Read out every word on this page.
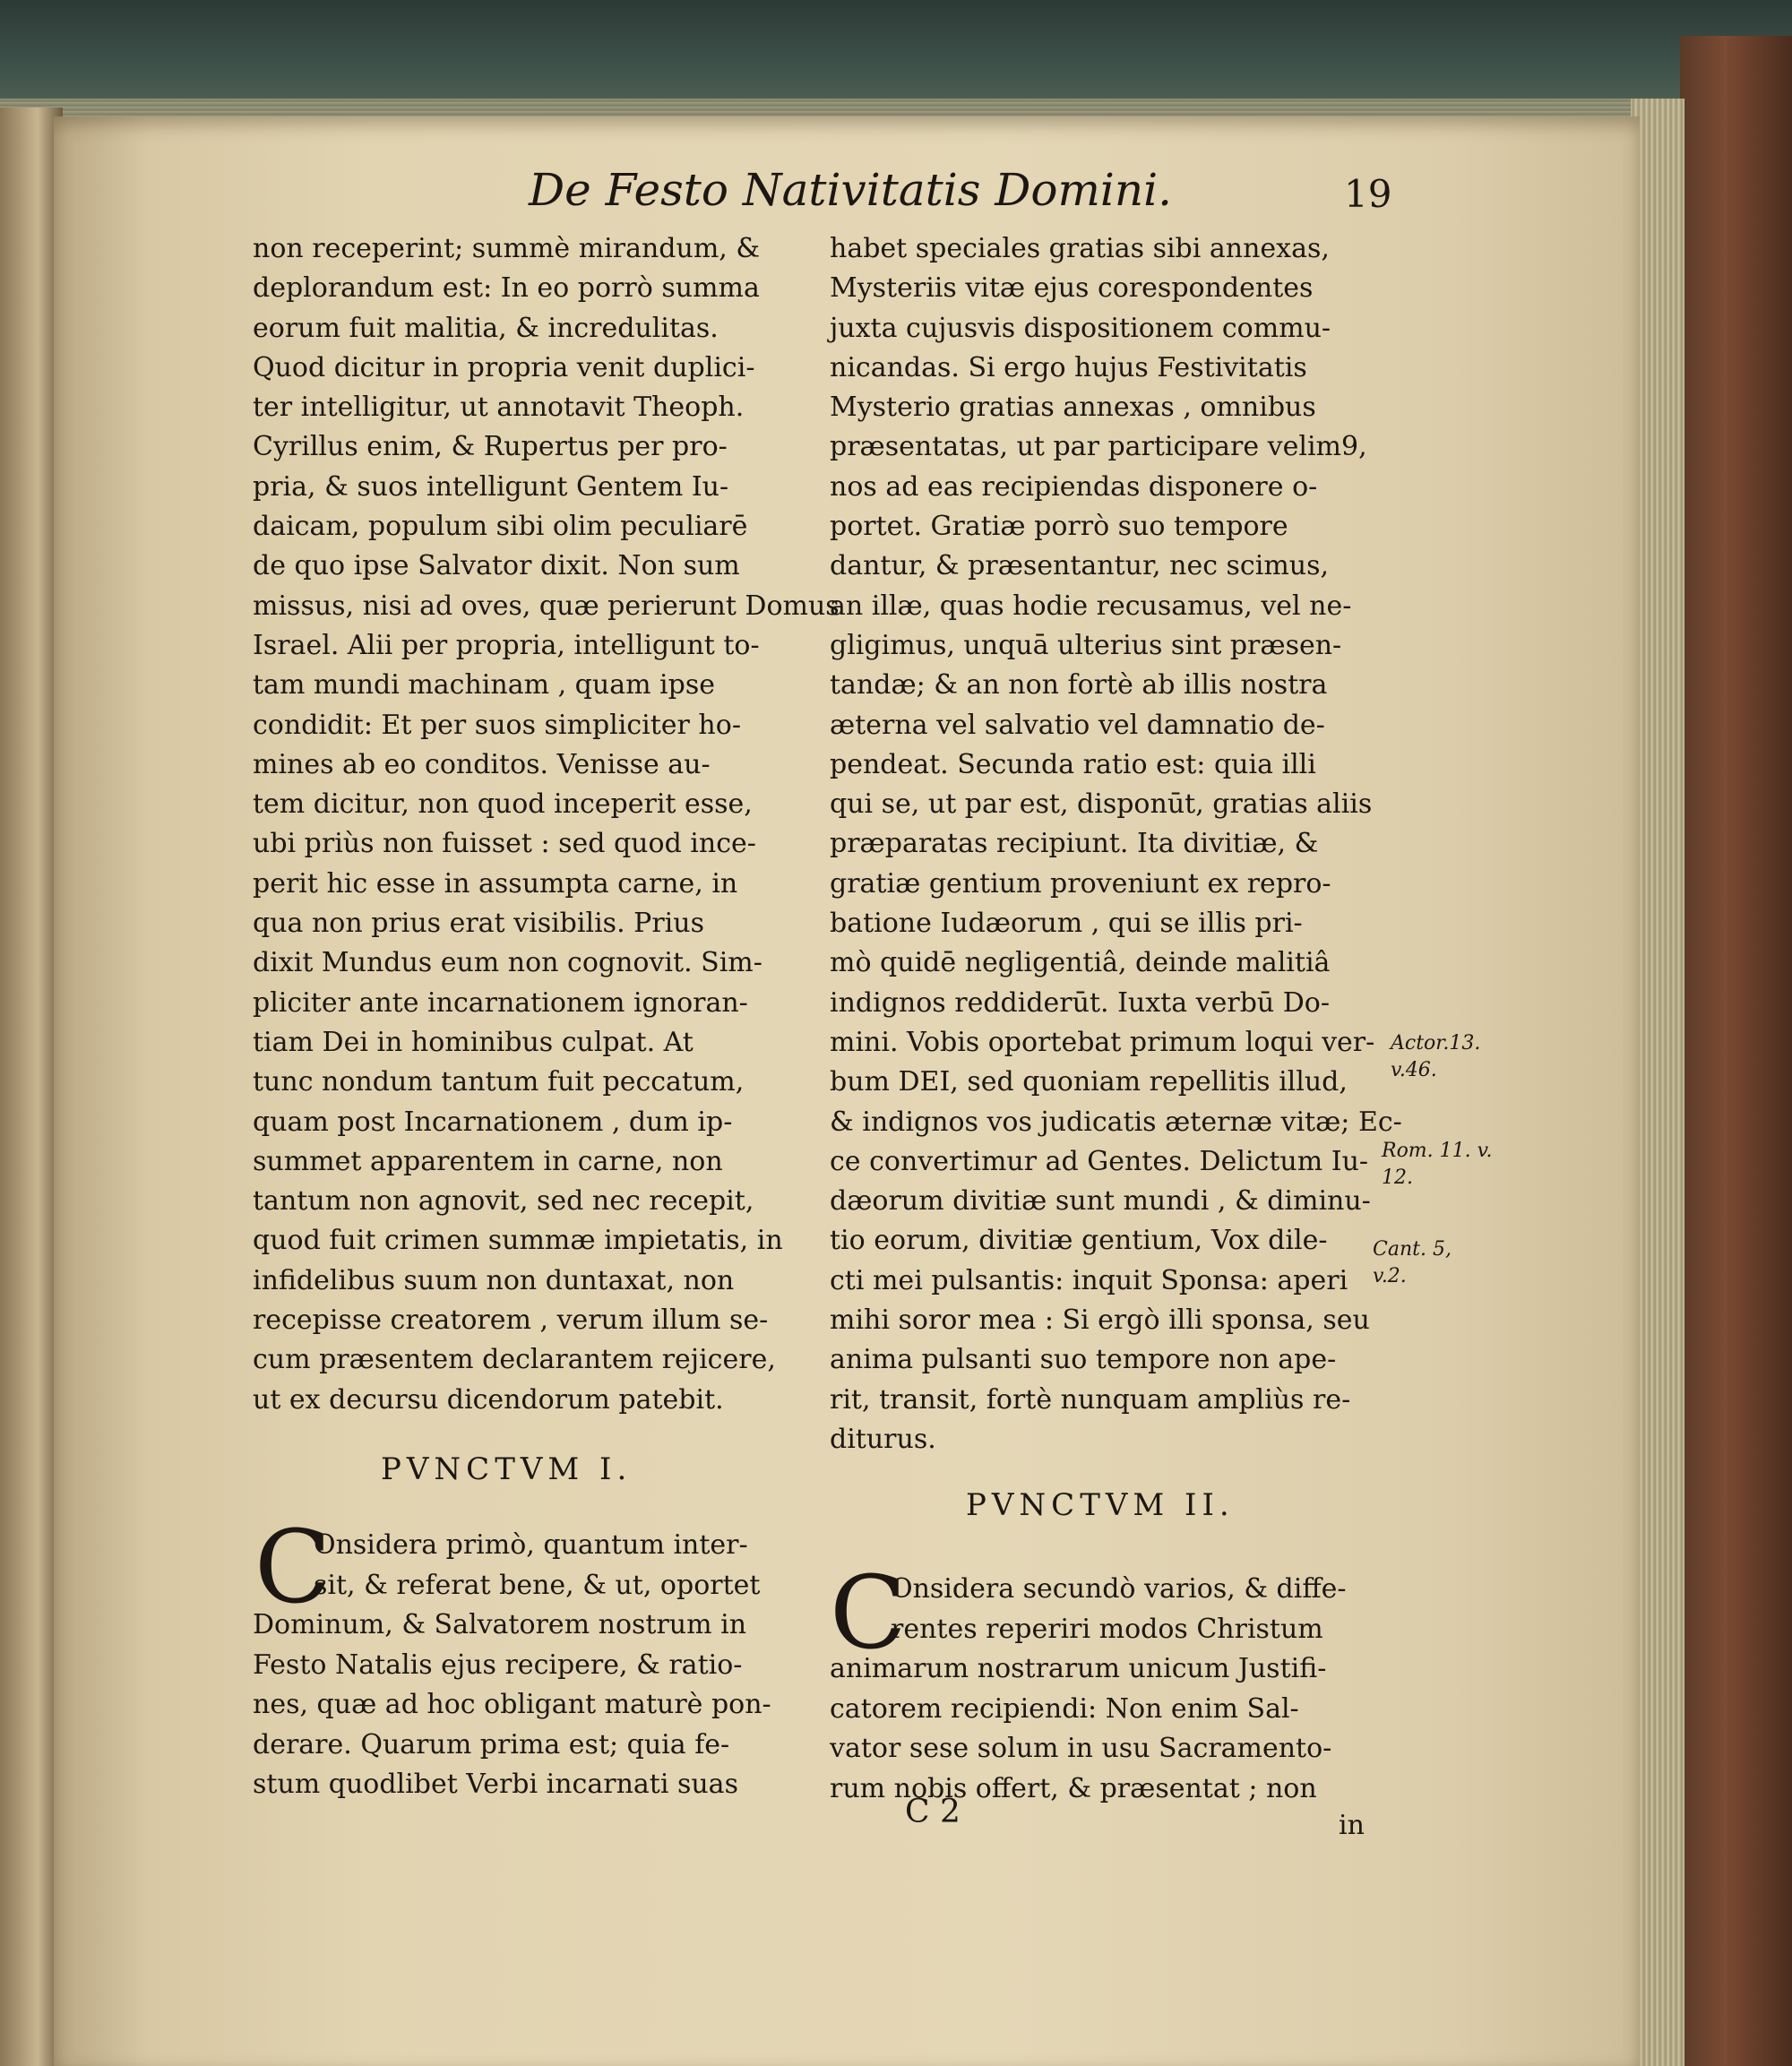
De Festo Nativitatis Domini.	19
non receperint; summè mirandum, &
deplorandum est: In eo porrò summa
eorum fuit malitia, & incredulitas.
Quod dicitur in propria venit duplici-
ter intelligitur, ut annotavit Theoph.
Cyrillus enim, & Rupertus per pro-
pria, & suos intelligunt Gentem Iu-
daicam, populum sibi olim peculiarē
de quo ipse Salvator dixit. Non sum
missus, nisi ad oves, quæ perierunt Domus
Israel. Alii per propria, intelligunt to-
tam mundi machinam , quam ipse
condidit: Et per suos simpliciter ho-
mines ab eo conditos. Venisse au-
tem dicitur, non quod inceperit esse,
ubi priùs non fuisset : sed quod ince-
perit hic esse in assumpta carne, in
qua non prius erat visibilis. Prius
dixit Mundus eum non cognovit. Sim-
pliciter ante incarnationem ignoran-
tiam Dei in hominibus culpat. At
tunc nondum tantum fuit peccatum,
quam post Incarnationem , dum ip-
summet apparentem in carne, non
tantum non agnovit, sed nec recepit,
quod fuit crimen summæ impietatis, in
infidelibus suum non duntaxat, non
recepisse creatorem , verum illum se-
cum præsentem declarantem rejicere,
ut ex decursu dicendorum patebit.
habet speciales gratias sibi annexas,
Mysteriis vitæ ejus corespondentes
juxta cujusvis dispositionem commu-
nicandas. Si ergo hujus Festivitatis
Mysterio gratias annexas , omnibus
præsentatas, ut par participare velim9,
nos ad eas recipiendas disponere o-
portet. Gratiæ porrò suo tempore
dantur, & præsentantur, nec scimus,
an illæ, quas hodie recusamus, vel ne-
gligimus, unquā ulterius sint præsen-
tandæ; & an non fortè ab illis nostra
æterna vel salvatio vel damnatio de-
pendeat. Secunda ratio est: quia illi
qui se, ut par est, disponūt, gratias aliis
præparatas recipiunt. Ita divitiæ, &
gratiæ gentium proveniunt ex repro-
batione Iudæorum , qui se illis pri-
mò quidē negligentiâ, deinde malitiâ
indignos reddiderūt. Iuxta verbū Do-
mini. Vobis oportebat primum loqui ver-
bum DEI, sed quoniam repellitis illud,
& indignos vos judicatis æternæ vitæ; Ec-
ce convertimur ad Gentes. Delictum Iu-
dæorum divitiæ sunt mundi , & diminu-
tio eorum, divitiæ gentium, Vox dile-
cti mei pulsantis: inquit Sponsa: aperi
mihi soror mea : Si ergò illi sponsa, seu
anima pulsanti suo tempore non ape-
rit, transit, fortè nunquam ampliùs re-
diturus.
PVNCTVM I.
PVNCTVM II.
C	C
Onsidera primò, quantum inter-
sit, & referat bene, & ut, oportet
Dominum, & Salvatorem nostrum in
Festo Natalis ejus recipere, & ratio-
nes, quæ ad hoc obligant maturè pon-
derare. Quarum prima est; quia fe-
stum quodlibet Verbi incarnati suas
Onsidera secundò varios, & diffe-
rentes reperiri modos Christum
animarum nostrarum unicum Justifi-
catorem recipiendi: Non enim Sal-
vator sese solum in usu Sacramento-
rum nobis offert, & præsentat ; non
Actor.13.
v.46.
Rom. 11. v.
12.
Cant. 5,
v.2.
C 2	in
